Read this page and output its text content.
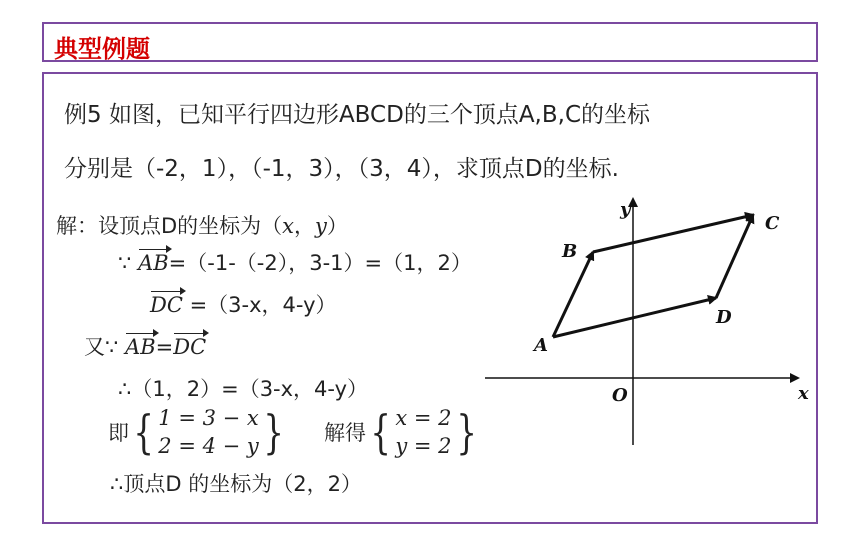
典型例题
例5 如图，已知平行四边形ABCD的三个顶点A,B,C的坐标
分别是（-2，1），（-1，3），（3，4），求顶点D的坐标.
解：设顶点D的坐标为（x，y）
∵ AB=（-1-（-2），3-1）=（1，2）
DC =（3-x，4-y）
又∵ AB=DC
∴（1，2）=（3-x，4-y）
即 { 1 = 3 − x
2 = 4 − y } 解得 { x = 2
y = 2 }
∴顶点D 的坐标为（2，2）
y
x
O
A
B
C
D
